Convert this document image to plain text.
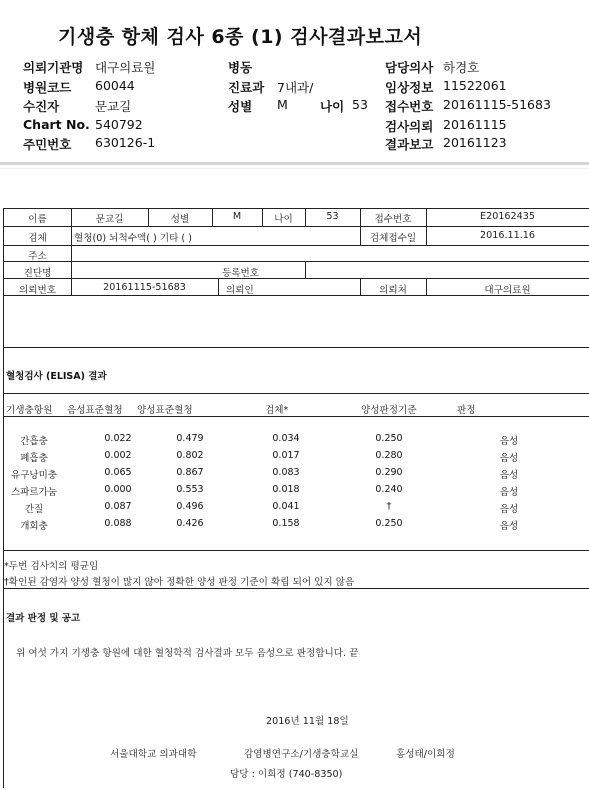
기생충 항체 검사 6종 (1) 검사결과보고서
의뢰기관명 대구의료원
병원코드 60044
수진자	문교길
Chart No. 540792
주민번호 630126-1
병동
진료과 7내과/
성별 M	나이 53
담당의사 하경호
임상정보 11522061
접수번호 20161115-51683
검사의뢰 20161115
결과보고 20161123
이름	문교길	성별	M	나이	53	접수번호	E20162435
검체	혈청(0) 뇌척수액( ) 기타 ( )	검체접수일	2016.11.16
주소
진단명	등록번호
의뢰번호	20161115-51683	의뢰인	의뢰처	대구의료원
혈청검사 (ELISA) 결과
기생충항원 음성표준혈청 양성표준혈청	검체*	양성판정기준	판정
간흡충	0.022	0.479	0.034	0.250	음성
폐흡충	0.002	0.802	0.017	0.280	음성
유구낭미충	0.065	0.867	0.083	0.290	음성
스파르가눔	0.000	0.553	0.018	0.240	음성
간질	0.087	0.496	0.041	†	음성
개회충	0.088	0.426	0.158	0.250	음성
*두번 검사치의 평균임
†확인된 감염자 양성 혈청이 많지 않아 정확한 양성 판정 기준이 확립 되어 있지 않음
결과 판정 및 공고
위 여섯 가지 기생충 항원에 대한 혈청학적 검사결과 모두 음성으로 판정합니다. 끝
2016년 11월 18일
서울대학교 의과대학	감염병연구소/기생충학교실	홍성태/이희정
담당 : 이희정 (740-8350)
